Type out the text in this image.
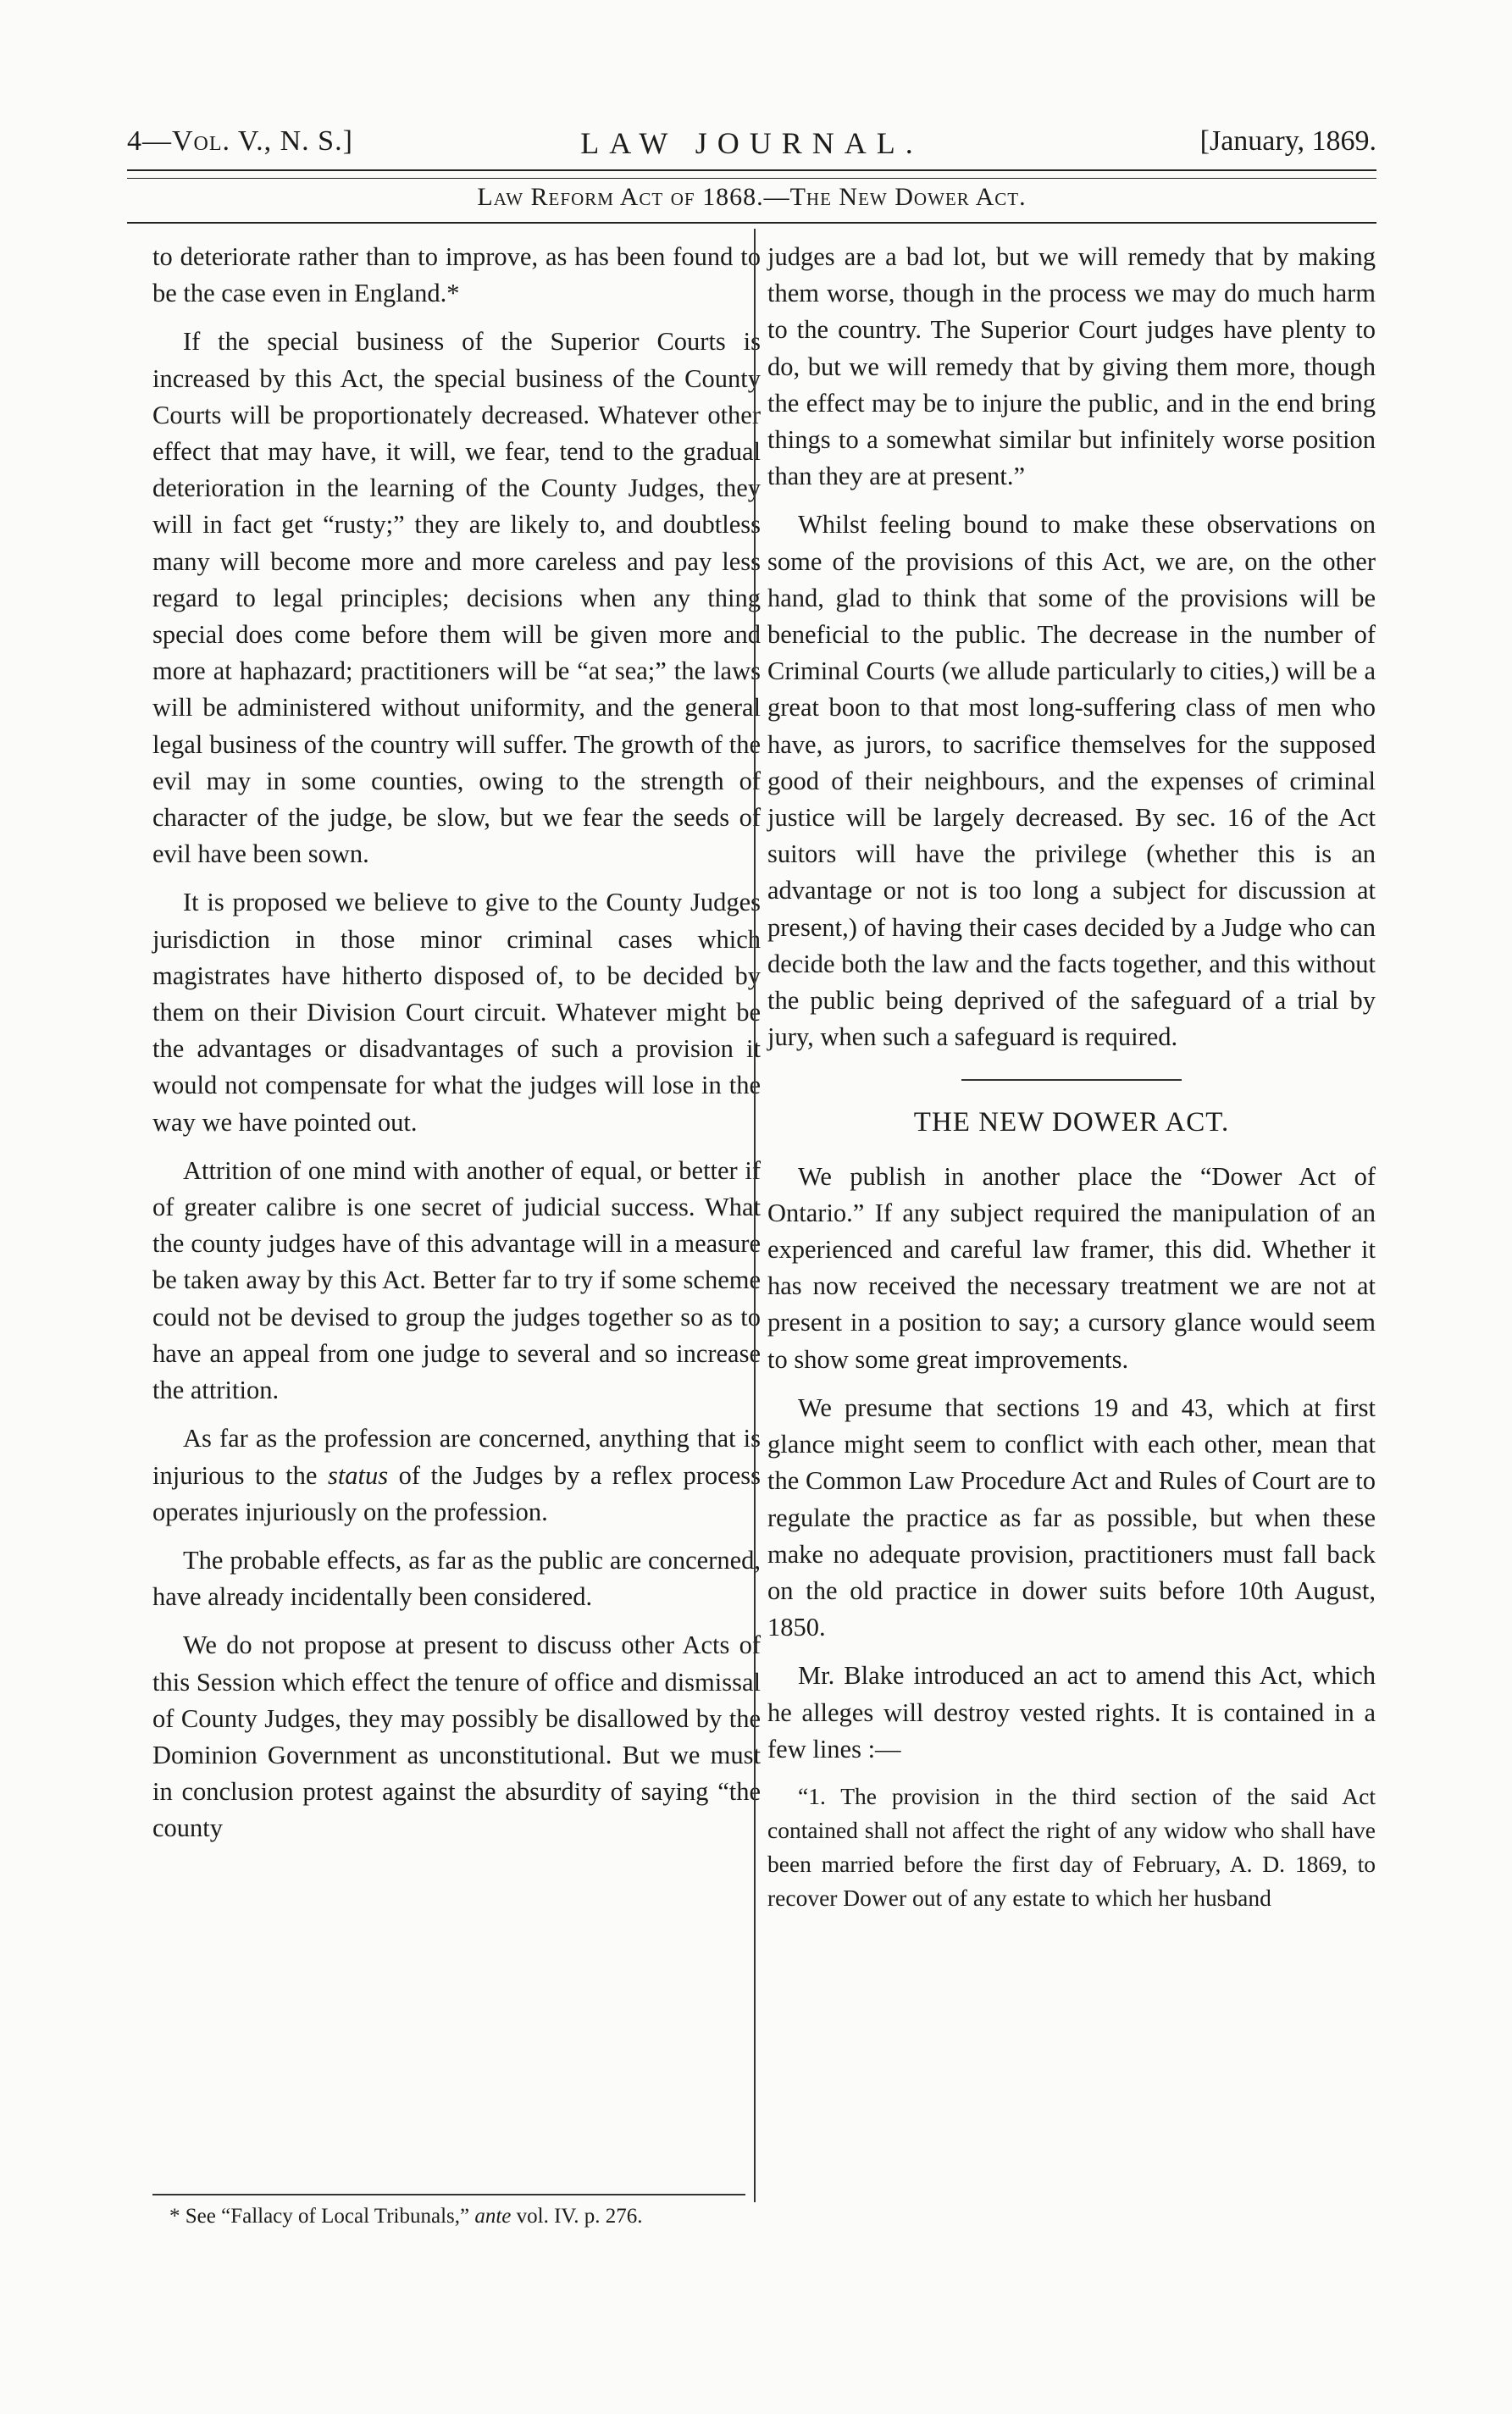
4—Vol. V., N. S.]	LAW JOURNAL.	[January, 1869.
Law Reform Act of 1868.—The New Dower Act.

to deteriorate rather than to improve, as has been found to be the case even in England.*

If the special business of the Superior Courts is increased by this Act, the special business of the County Courts will be proportionately decreased. Whatever other effect that may have, it will, we fear, tend to the gradual deterioration in the learning of the County Judges, they will in fact get “rusty;” they are likely to, and doubtless many will become more and more careless and pay less regard to legal principles; decisions when any thing special does come before them will be given more and more at haphazard; practitioners will be “at sea;” the laws will be administered without uniformity, and the general legal business of the country will suffer. The growth of the evil may in some counties, owing to the strength of character of the judge, be slow, but we fear the seeds of evil have been sown.

It is proposed we believe to give to the County Judges jurisdiction in those minor criminal cases which magistrates have hitherto disposed of, to be decided by them on their Division Court circuit. Whatever might be the advantages or disadvantages of such a provision it would not compensate for what the judges will lose in the way we have pointed out.

Attrition of one mind with another of equal, or better if of greater calibre is one secret of judicial success. What the county judges have of this advantage will in a measure be taken away by this Act. Better far to try if some scheme could not be devised to group the judges together so as to have an appeal from one judge to several and so increase the attrition.

As far as the profession are concerned, anything that is injurious to the status of the Judges by a reflex process operates injuriously on the profession.

The probable effects, as far as the public are concerned, have already incidentally been considered.

We do not propose at present to discuss other Acts of this Session which effect the tenure of office and dismissal of County Judges, they may possibly be disallowed by the Dominion Government as unconstitutional. But we must in conclusion protest against the absurdity of saying “the county

judges are a bad lot, but we will remedy that by making them worse, though in the process we may do much harm to the country. The Superior Court judges have plenty to do, but we will remedy that by giving them more, though the effect may be to injure the public, and in the end bring things to a somewhat similar but infinitely worse position than they are at present.”

Whilst feeling bound to make these observations on some of the provisions of this Act, we are, on the other hand, glad to think that some of the provisions will be beneficial to the public. The decrease in the number of Criminal Courts (we allude particularly to cities,) will be a great boon to that most long-suffering class of men who have, as jurors, to sacrifice themselves for the supposed good of their neighbours, and the expenses of criminal justice will be largely decreased. By sec. 16 of the Act suitors will have the privilege (whether this is an advantage or not is too long a subject for discussion at present,) of having their cases decided by a Judge who can decide both the law and the facts together, and this without the public being deprived of the safeguard of a trial by jury, when such a safeguard is required.

THE NEW DOWER ACT.

We publish in another place the “Dower Act of Ontario.” If any subject required the manipulation of an experienced and careful law framer, this did. Whether it has now received the necessary treatment we are not at present in a position to say; a cursory glance would seem to show some great improvements.

We presume that sections 19 and 43, which at first glance might seem to conflict with each other, mean that the Common Law Procedure Act and Rules of Court are to regulate the practice as far as possible, but when these make no adequate provision, practitioners must fall back on the old practice in dower suits before 10th August, 1850.

Mr. Blake introduced an act to amend this Act, which he alleges will destroy vested rights. It is contained in a few lines :—

“1. The provision in the third section of the said Act contained shall not affect the right of any widow who shall have been married before the first day of February, A. D. 1869, to recover Dower out of any estate to which her husband

* See “Fallacy of Local Tribunals,” ante vol. IV. p. 276.
